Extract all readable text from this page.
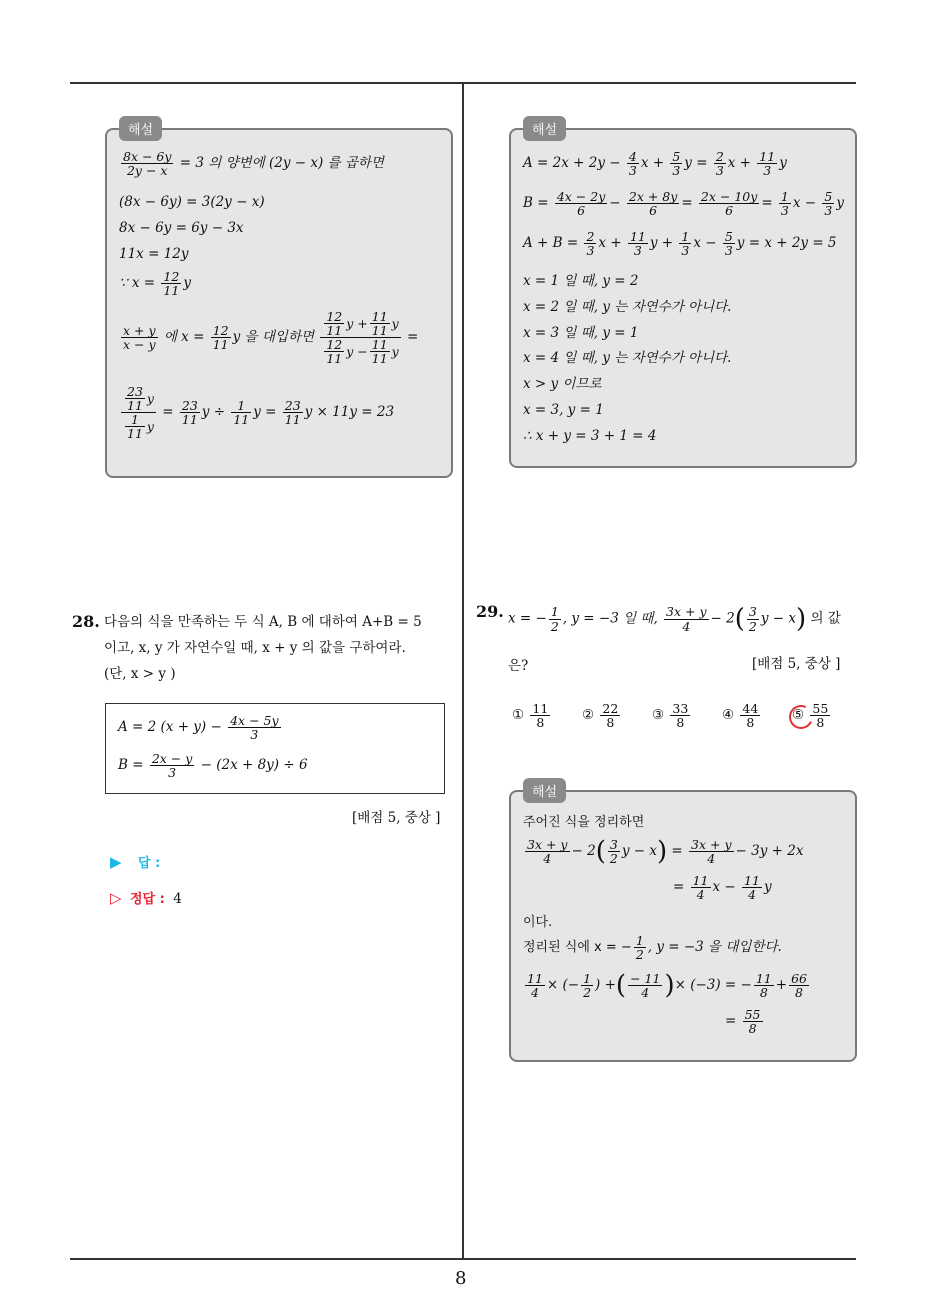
8
해설
$\frac{8x - 6y}{2y - x} = 3$ 의 양변에 (2y − x) 를 곱하면
(8x − 6y) = 3(2y − x)
8x − 6y = 6y − 3x
11x = 12y
∵ $x = \frac{12}{11}$ y
$\frac{x + y}{x - y}$ 에 $x = \frac{12}{11}$ y 을 대입하면 $\frac{\frac{12}{11} y + \frac{11}{11} y}{\frac{12}{11} y - \frac{11}{11} y}$ =
$\frac{\frac{23}{11} y}{\frac{1}{11} y} = \frac{23}{11}$ $y \div \frac{1}{11}$ $y = \frac{23}{11}$ y × 11y = 23
해설
$A = 2x + 2y - \frac{4}{3}$ $x + \frac{5}{3}$ $y = \frac{2}{3}$ $x + \frac{11}{3}$ y
$B = \frac{4x - 2y}{6} - \frac{2x + 8y}{6} = \frac{2x - 10y}{6} = \frac{1}{3}$ $x - \frac{5}{3}$ y
$A + B = \frac{2}{3}$ $x + \frac{11}{3}$ $y + \frac{1}{3}$ $x - \frac{5}{3}$ y = x + 2y = 5
x = 1 일 때, y = 2
x = 2 일 때, y 는 자연수가 아니다.
x = 3 일 때, y = 1
x = 4 일 때, y 는 자연수가 아니다.
x > y 이므로
x = 3, y = 1
∴ x + y = 3 + 1 = 4
28. 다음의 식을 만족하는 두 식 A, B 에 대하여 A+B = 5
이고, x, y 가 자연수일 때, x + y 의 값을 구하여라.
(단, x > y )
A = 2 $(x + y) - \frac{4x - 5y}{3}$
$B = \frac{2x - y}{3} - (2x + 8y) \div 6$
[배점 5, 중상 ]
▶ 답 :
▷ 정답 : 4
29. x = − $\frac{1}{2}$ , y = −3 일 때, $\frac{3x + y}{4} - 2( \frac{3}{2}$ y − x) 의 값
은?	[배점 5, 중상 ]
① $\frac{11}{8}$ ② $\frac{22}{8}$ ③ $\frac{33}{8}$ ④ $\frac{44}{8}$ ⑤ $\frac{55}{8}$
해설
주어진 식을 정리하면
$\frac{3x + y}{4} - 2( \frac{3}{2}$ $y - x) = \frac{3x + y}{4} - 3y + 2x$
= $\frac{11}{4}$ $x - \frac{11}{4}$ y
이다.
정리된 식에 x = − $\frac{1}{2}$ , y = −3 을 대입한다.
$\frac{11}{4}$ × (− $\frac{1}{2}$ ) +( $\frac{- 11}{4}$ )× (−3) = − $\frac{11}{8} + \frac{66}{8}$
= $\frac{55}{8}$
